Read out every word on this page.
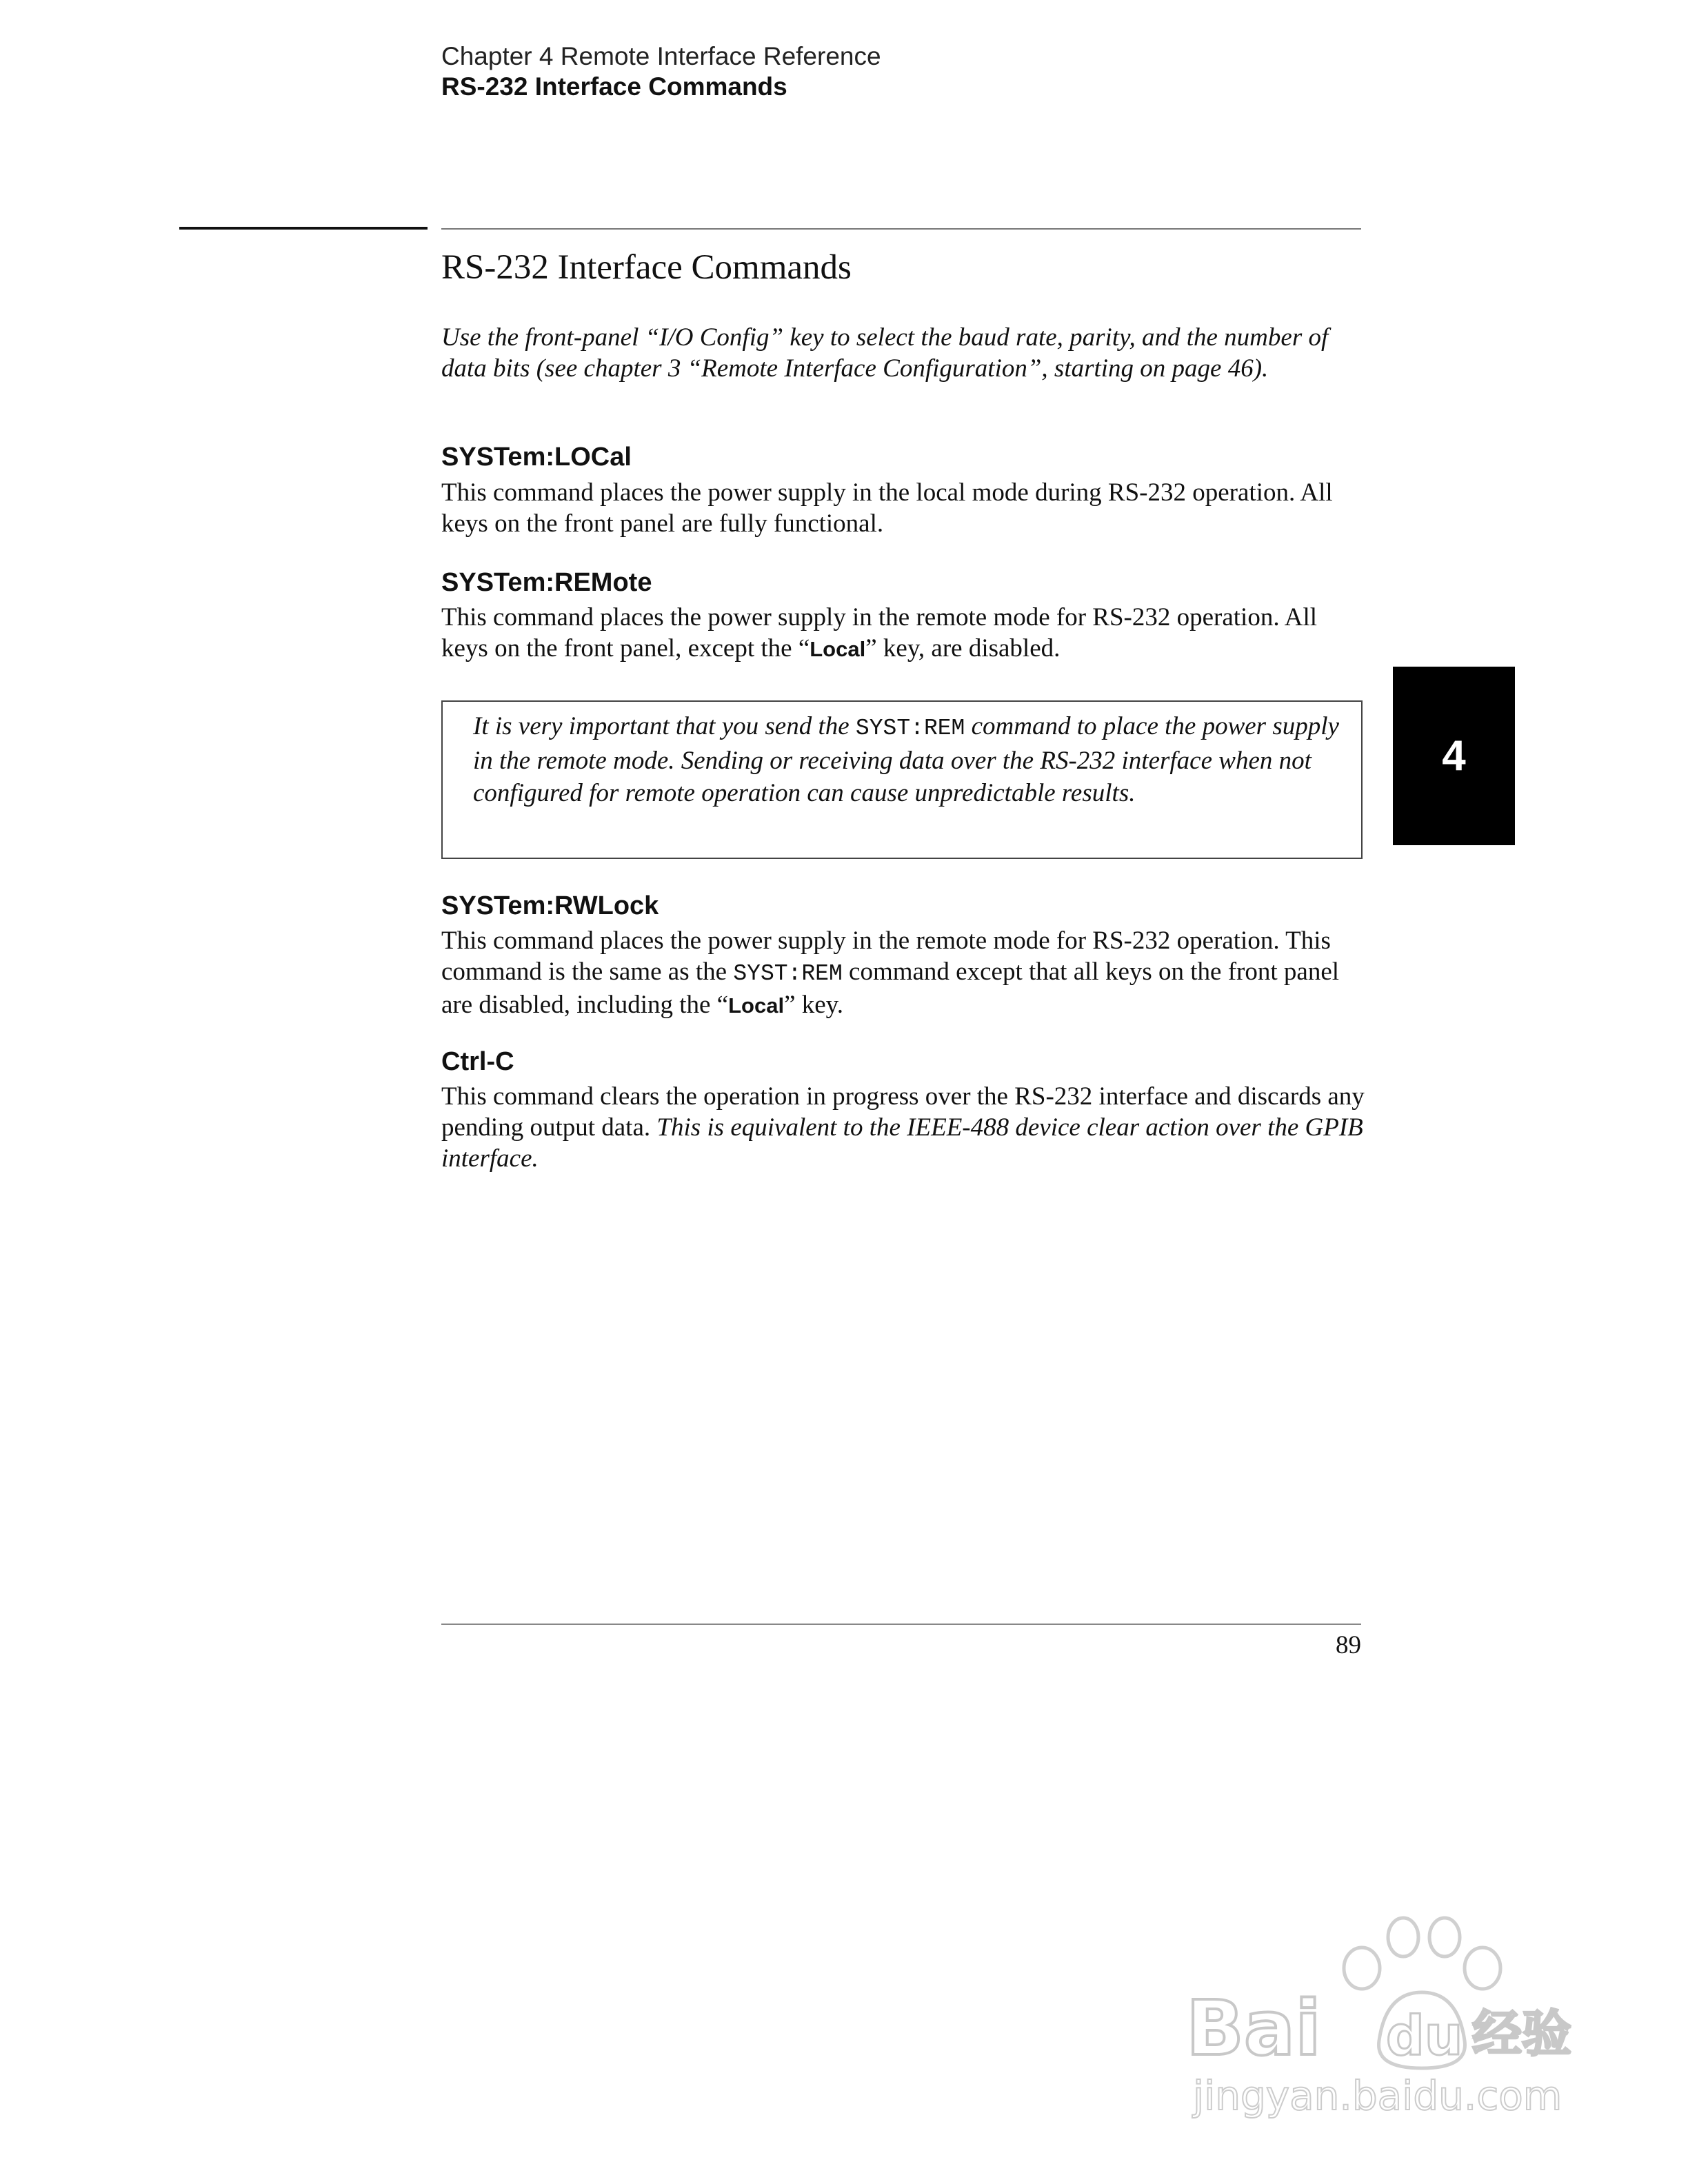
Chapter 4 Remote Interface Reference
RS-232 Interface Commands
RS-232 Interface Commands
Use the front-panel “I/O Config” key to select the baud rate, parity, and the number of data bits (see chapter 3 “Remote Interface Configuration”, starting on page 46).
SYSTem:LOCal
This command places the power supply in the local mode during RS-232 operation. All keys on the front panel are fully functional.
SYSTem:REMote
This command places the power supply in the remote mode for RS-232 operation. All keys on the front panel, except the “Local” key, are disabled.
It is very important that you send the SYST:REM command to place the power supply in the remote mode. Sending or receiving data over the RS-232 interface when not configured for remote operation can cause unpredictable results.
4
SYSTem:RWLock
This command places the power supply in the remote mode for RS-232 operation. This command is the same as the SYST:REM command except that all keys on the front panel are disabled, including the “Local” key.
Ctrl-C
This command clears the operation in progress over the RS-232 interface and discards any pending output data. This is equivalent to the IEEE-488 device clear action over the GPIB interface.
89
Bai du 经验
jingyan.baidu.com
